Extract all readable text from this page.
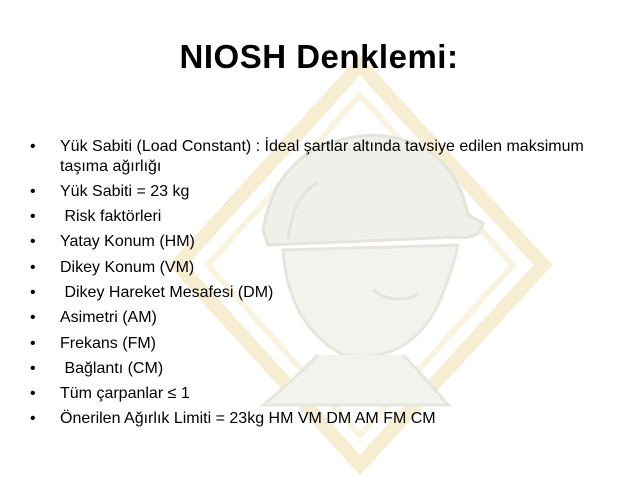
NIOSH Denklemi:
•	Yük Sabiti (Load Constant) : İdeal şartlar altında tavsiye edilen maksimum taşıma ağırlığı
•	Yük Sabiti = 23 kg
•	Risk faktörleri
•	Yatay Konum (HM)
•	Dikey Konum (VM)
•	Dikey Hareket Mesafesi (DM)
•	Asimetri (AM)
•	Frekans (FM)
•	Bağlantı (CM)
•	Tüm çarpanlar ≤ 1
•	Önerilen Ağırlık Limiti = 23kg HM VM DM AM FM CM
